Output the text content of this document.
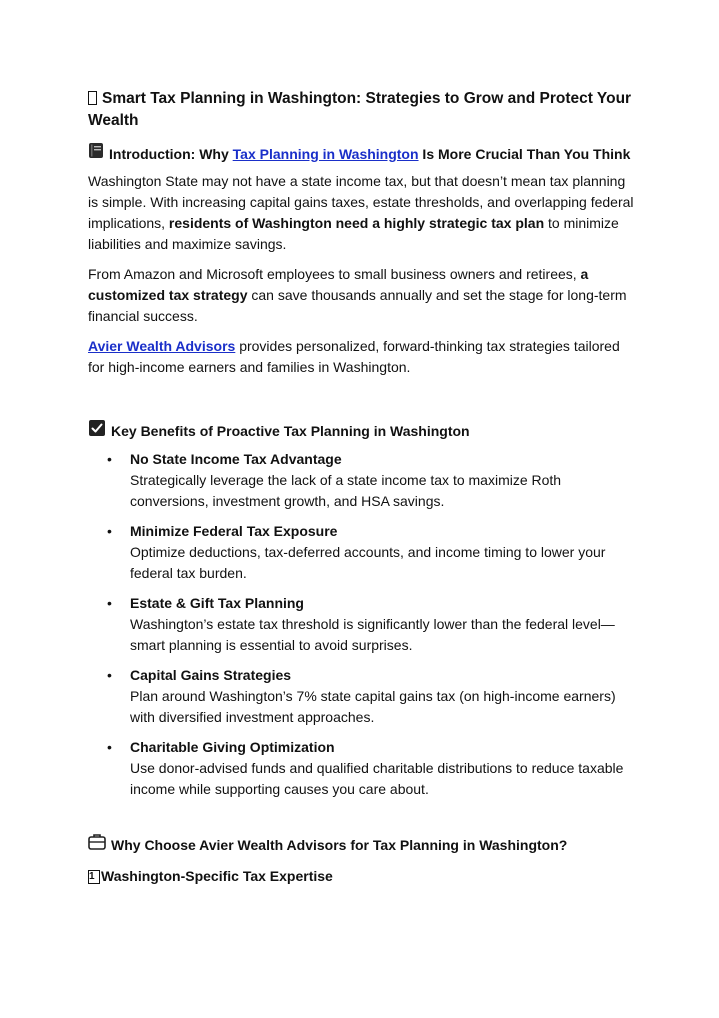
Smart Tax Planning in Washington: Strategies to Grow and Protect Your Wealth
Introduction: Why Tax Planning in Washington Is More Crucial Than You Think

Washington State may not have a state income tax, but that doesn’t mean tax planning is simple. With increasing capital gains taxes, estate thresholds, and overlapping federal implications, residents of Washington need a highly strategic tax plan to minimize liabilities and maximize savings.

From Amazon and Microsoft employees to small business owners and retirees, a customized tax strategy can save thousands annually and set the stage for long-term financial success.

Avier Wealth Advisors provides personalized, forward-thinking tax strategies tailored for high-income earners and families in Washington.

Key Benefits of Proactive Tax Planning in Washington
• No State Income Tax Advantage
Strategically leverage the lack of a state income tax to maximize Roth conversions, investment growth, and HSA savings.
• Minimize Federal Tax Exposure
Optimize deductions, tax-deferred accounts, and income timing to lower your federal tax burden.
• Estate & Gift Tax Planning
Washington’s estate tax threshold is significantly lower than the federal level—smart planning is essential to avoid surprises.
• Capital Gains Strategies
Plan around Washington’s 7% state capital gains tax (on high-income earners) with diversified investment approaches.
• Charitable Giving Optimization
Use donor-advised funds and qualified charitable distributions to reduce taxable income while supporting causes you care about.
Why Choose Avier Wealth Advisors for Tax Planning in Washington?
1 Washington-Specific Tax Expertise
